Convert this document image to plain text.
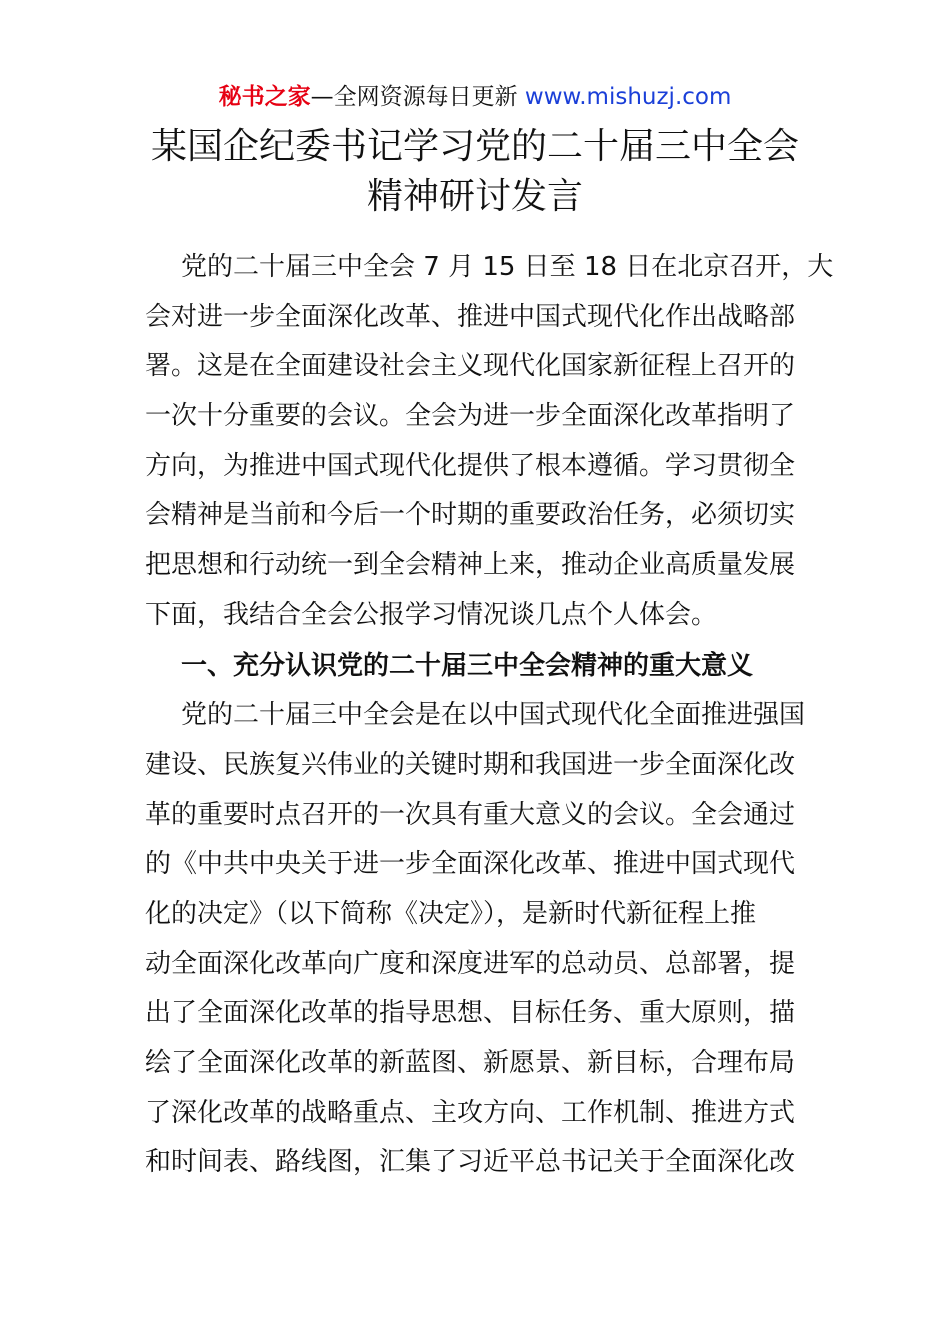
秘书之家—全网资源每日更新 www.mishuzj.com
某国企纪委书记学习党的二十届三中全会
精神研讨发言
党的二十届三中全会 7 月 15 日至 18 日在北京召开，大
会对进一步全面深化改革、推进中国式现代化作出战略部
署。这是在全面建设社会主义现代化国家新征程上召开的
一次十分重要的会议。全会为进一步全面深化改革指明了
方向，为推进中国式现代化提供了根本遵循。学习贯彻全
会精神是当前和今后一个时期的重要政治任务，必须切实
把思想和行动统一到全会精神上来，推动企业高质量发展
下面，我结合全会公报学习情况谈几点个人体会。
一、充分认识党的二十届三中全会精神的重大意义
党的二十届三中全会是在以中国式现代化全面推进强国
建设、民族复兴伟业的关键时期和我国进一步全面深化改
革的重要时点召开的一次具有重大意义的会议。全会通过
的《中共中央关于进一步全面深化改革、推进中国式现代
化的决定》（以下简称《决定》），是新时代新征程上推
动全面深化改革向广度和深度进军的总动员、总部署，提
出了全面深化改革的指导思想、目标任务、重大原则，描
绘了全面深化改革的新蓝图、新愿景、新目标，合理布局
了深化改革的战略重点、主攻方向、工作机制、推进方式
和时间表、路线图，汇集了习近平总书记关于全面深化改
